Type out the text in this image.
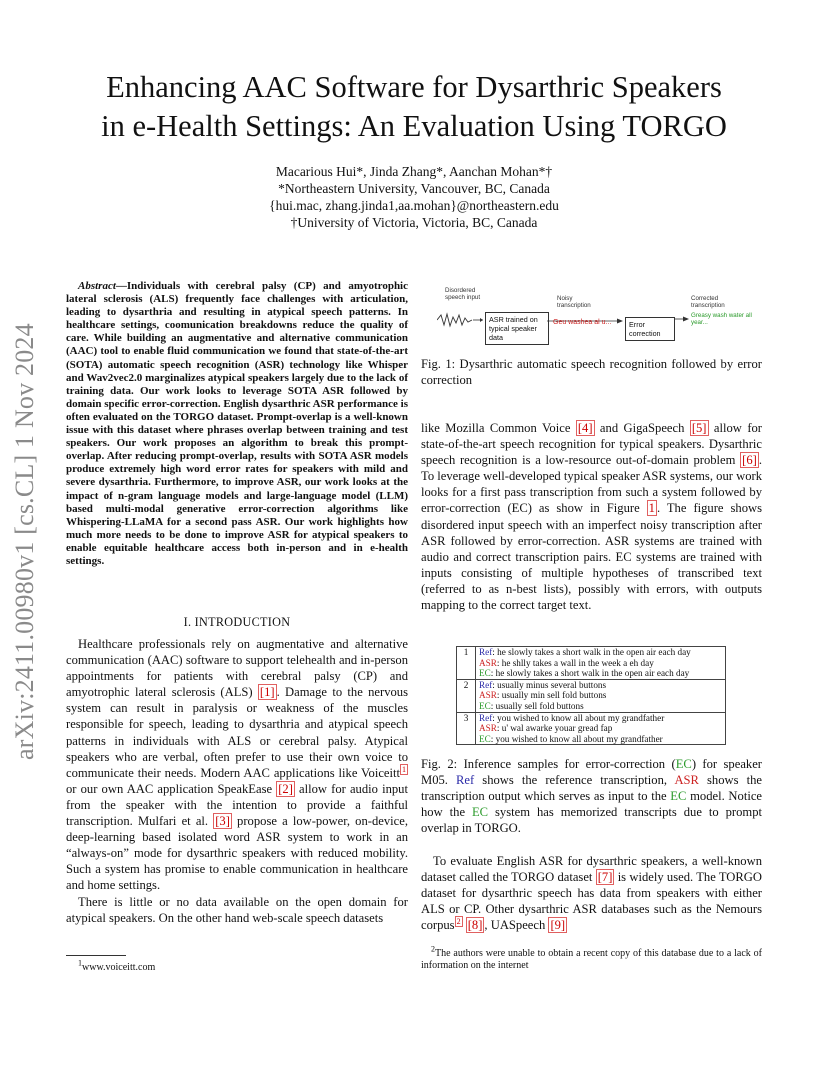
arXiv:2411.00980v1 [cs.CL] 1 Nov 2024
Enhancing AAC Software for Dysarthric Speakers
in e-Health Settings: An Evaluation Using TORGO
Macarious Hui*, Jinda Zhang*, Aanchan Mohan*†
*Northeastern University, Vancouver, BC, Canada
{hui.mac, zhang.jinda1,aa.mohan}@northeastern.edu
†University of Victoria, Victoria, BC, Canada
Abstract—Individuals with cerebral palsy (CP) and amyotrophic lateral sclerosis (ALS) frequently face challenges with articulation, leading to dysarthria and resulting in atypical speech patterns. In healthcare settings, coomunication breakdowns reduce the quality of care. While building an augmentative and alternative communication (AAC) tool to enable fluid communication we found that state-of-the-art (SOTA) automatic speech recognition (ASR) technology like Whisper and Wav2vec2.0 marginalizes atypical speakers largely due to the lack of training data. Our work looks to leverage SOTA ASR followed by domain specific error-correction. English dysarthric ASR performance is often evaluated on the TORGO dataset. Prompt-overlap is a well-known issue with this dataset where phrases overlap between training and test speakers. Our work proposes an algorithm to break this prompt-overlap. After reducing prompt-overlap, results with SOTA ASR models produce extremely high word error rates for speakers with mild and severe dysarthria. Furthermore, to improve ASR, our work looks at the impact of n-gram language models and large-language model (LLM) based multi-modal generative error-correction algorithms like Whispering-LLaMA for a second pass ASR. Our work highlights how much more needs to be done to improve ASR for atypical speakers to enable equitable healthcare access both in-person and in e-health settings.
I. INTRODUCTION

Healthcare professionals rely on augmentative and alternative communication (AAC) software to support telehealth and in-person appointments for patients with cerebral palsy (CP) and amyotrophic lateral sclerosis (ALS) [1] . Damage to the nervous system can result in paralysis or weakness of the muscles responsible for speech, leading to dysarthria and atypical speech patterns in individuals with ALS or cerebral palsy. Atypical speakers who are verbal, often prefer to use their own voice to communicate their needs. Modern AAC applications like Voiceitt $^1$ or our own AAC application SpeakEase [2] allow for audio input from the speaker with the intention to provide a faithful transcription. Mulfari et al. [3] propose a low-power, on-device, deep-learning based isolated word ASR system to work in an “always-on” mode for dysarthric speakers with reduced mobility. Such a system has promise to enable communication in healthcare and home settings.

There is little or no data available on the open domain for atypical speakers. On the other hand web-scale speech datasets

$^1$www.voiceitt.com
Disordered speech input
ASR trained on typical speaker data
Noisy transcription
Geu washea al u...	Error correction
Corrected transcription
Greasy wash water all year...
Fig. 1: Dysarthric automatic speech recognition followed by error correction

like Mozilla Common Voice [4] and GigaSpeech [5] allow for state-of-the-art speech recognition for typical speakers. Dysarthric speech recognition is a low-resource out-of-domain problem [6] . To leverage well-developed typical speaker ASR systems, our work looks for a first pass transcription from such a system followed by error-correction (EC) as show in Figure 1 . The figure shows disordered input speech with an imperfect noisy transcription after ASR followed by error-correction. ASR systems are trained with audio and correct transcription pairs. EC systems are trained with inputs consisting of multiple hypotheses of transcribed text (referred to as n-best lists), possibly with errors, with outputs mapping to the correct target text.

1	Ref: he slowly takes a short walk in the open air each day
ASR: he shlly takes a wall in the week a eh day
EC: he slowly takes a short walk in the open air each day

2	Ref: usually minus several buttons
ASR: usually min sell fold buttons
EC: usually sell fold buttons

3	Ref: you wished to know all about my grandfather
ASR: u' wal awarke youar gread fap
EC: you wished to know all about my grandfather
Fig. 2: Inference samples for error-correction (EC) for speaker M05. Ref shows the reference transcription, ASR shows the transcription output which serves as input to the EC model. Notice how the EC system has memorized transcripts due to prompt overlap in TORGO.

To evaluate English ASR for dysarthric speakers, a well-known dataset called the TORGO dataset [7] is widely used. The TORGO dataset for dysarthric speech has data from speakers with either ALS or CP. Other dysarthric ASR databases such as the Nemours corpus $^2$ [8] , UASpeech [9]

$^2$The authors were unable to obtain a recent copy of this database due to a lack of information on the internet
